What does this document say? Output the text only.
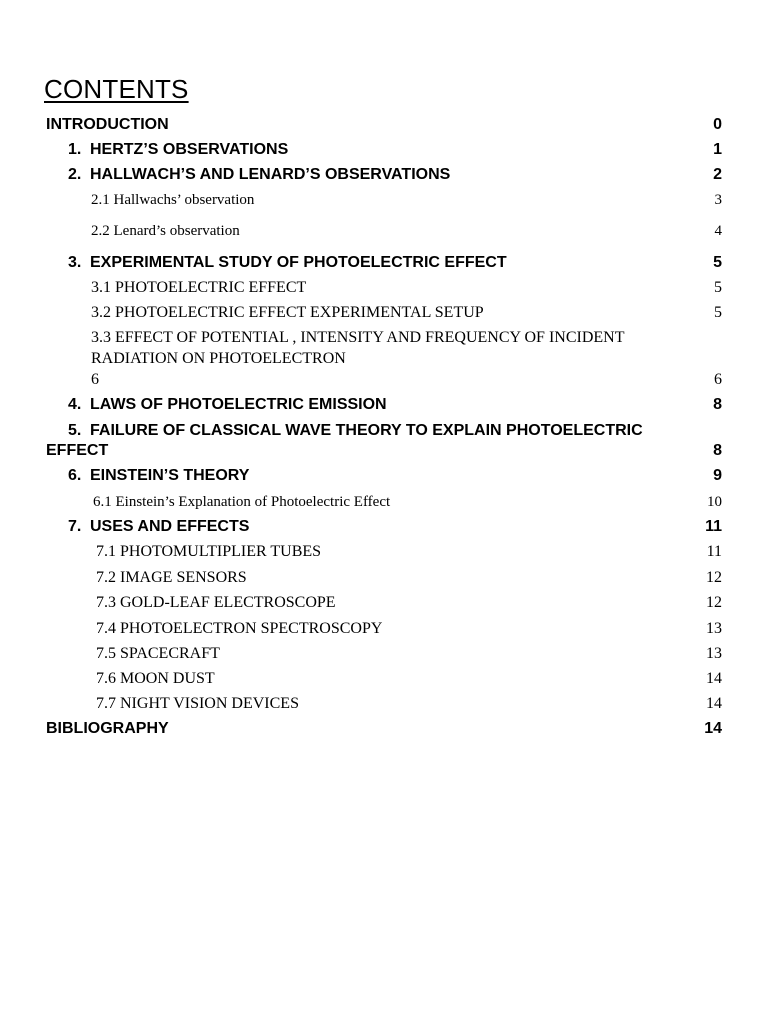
CONTENTS
INTRODUCTION	0
1. HERTZ’S OBSERVATIONS	1
2. HALLWACH’S AND LENARD’S OBSERVATIONS	2
2.1 Hallwachs’ observation	3
2.2 Lenard’s observation	4
3. EXPERIMENTAL STUDY OF PHOTOELECTRIC EFFECT	5
3.1 PHOTOELECTRIC EFFECT	5
3.2 PHOTOELECTRIC EFFECT EXPERIMENTAL SETUP	5
3.3 EFFECT OF POTENTIAL , INTENSITY AND FREQUENCY OF INCIDENT
RADIATION ON PHOTOELECTRON
6	6
4. LAWS OF PHOTOELECTRIC EMISSION	8
5. FAILURE OF CLASSICAL WAVE THEORY TO EXPLAIN PHOTOELECTRIC
EFFECT	8
6. EINSTEIN’S THEORY	9
6.1 Einstein’s Explanation of Photoelectric Effect	10
7. USES AND EFFECTS	11
7.1 PHOTOMULTIPLIER TUBES	11
7.2 IMAGE SENSORS	12
7.3 GOLD-LEAF ELECTROSCOPE	12
7.4 PHOTOELECTRON SPECTROSCOPY	13
7.5 SPACECRAFT	13
7.6 MOON DUST	14
7.7 NIGHT VISION DEVICES	14
BIBLIOGRAPHY	14
